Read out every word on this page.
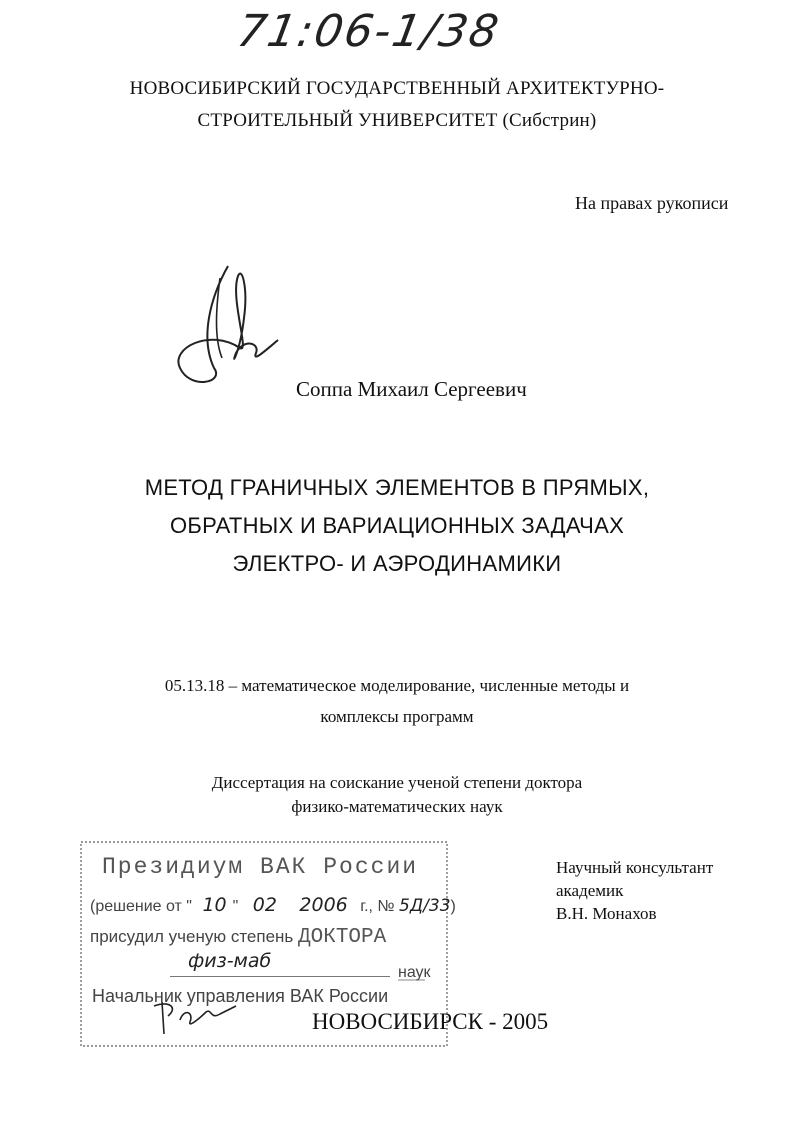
71:06-1/38
НОВОСИБИРСКИЙ ГОСУДАРСТВЕННЫЙ АРХИТЕКТУРНО-
СТРОИТЕЛЬНЫЙ УНИВЕРСИТЕТ (Сибстрин)
На правах рукописи
Соппа Михаил Сергеевич
МЕТОД ГРАНИЧНЫХ ЭЛЕМЕНТОВ В ПРЯМЫХ,
ОБРАТНЫХ И ВАРИАЦИОННЫХ ЗАДАЧАХ
ЭЛЕКТРО- И АЭРОДИНАМИКИ
05.13.18 – математическое моделирование, численные методы и
комплексы программ
Диссертация на соискание ученой степени доктора
физико-математических наук
Научный консультант
академик
В.Н. Монахов
Президиум ВАК России
(решение от " 10 " 02 2006 г., № 5Д/33)
присудил ученую степень ДОКТОРА
физ-маб
наук
Начальник управления ВАК России
НОВОСИБИРСК - 2005
